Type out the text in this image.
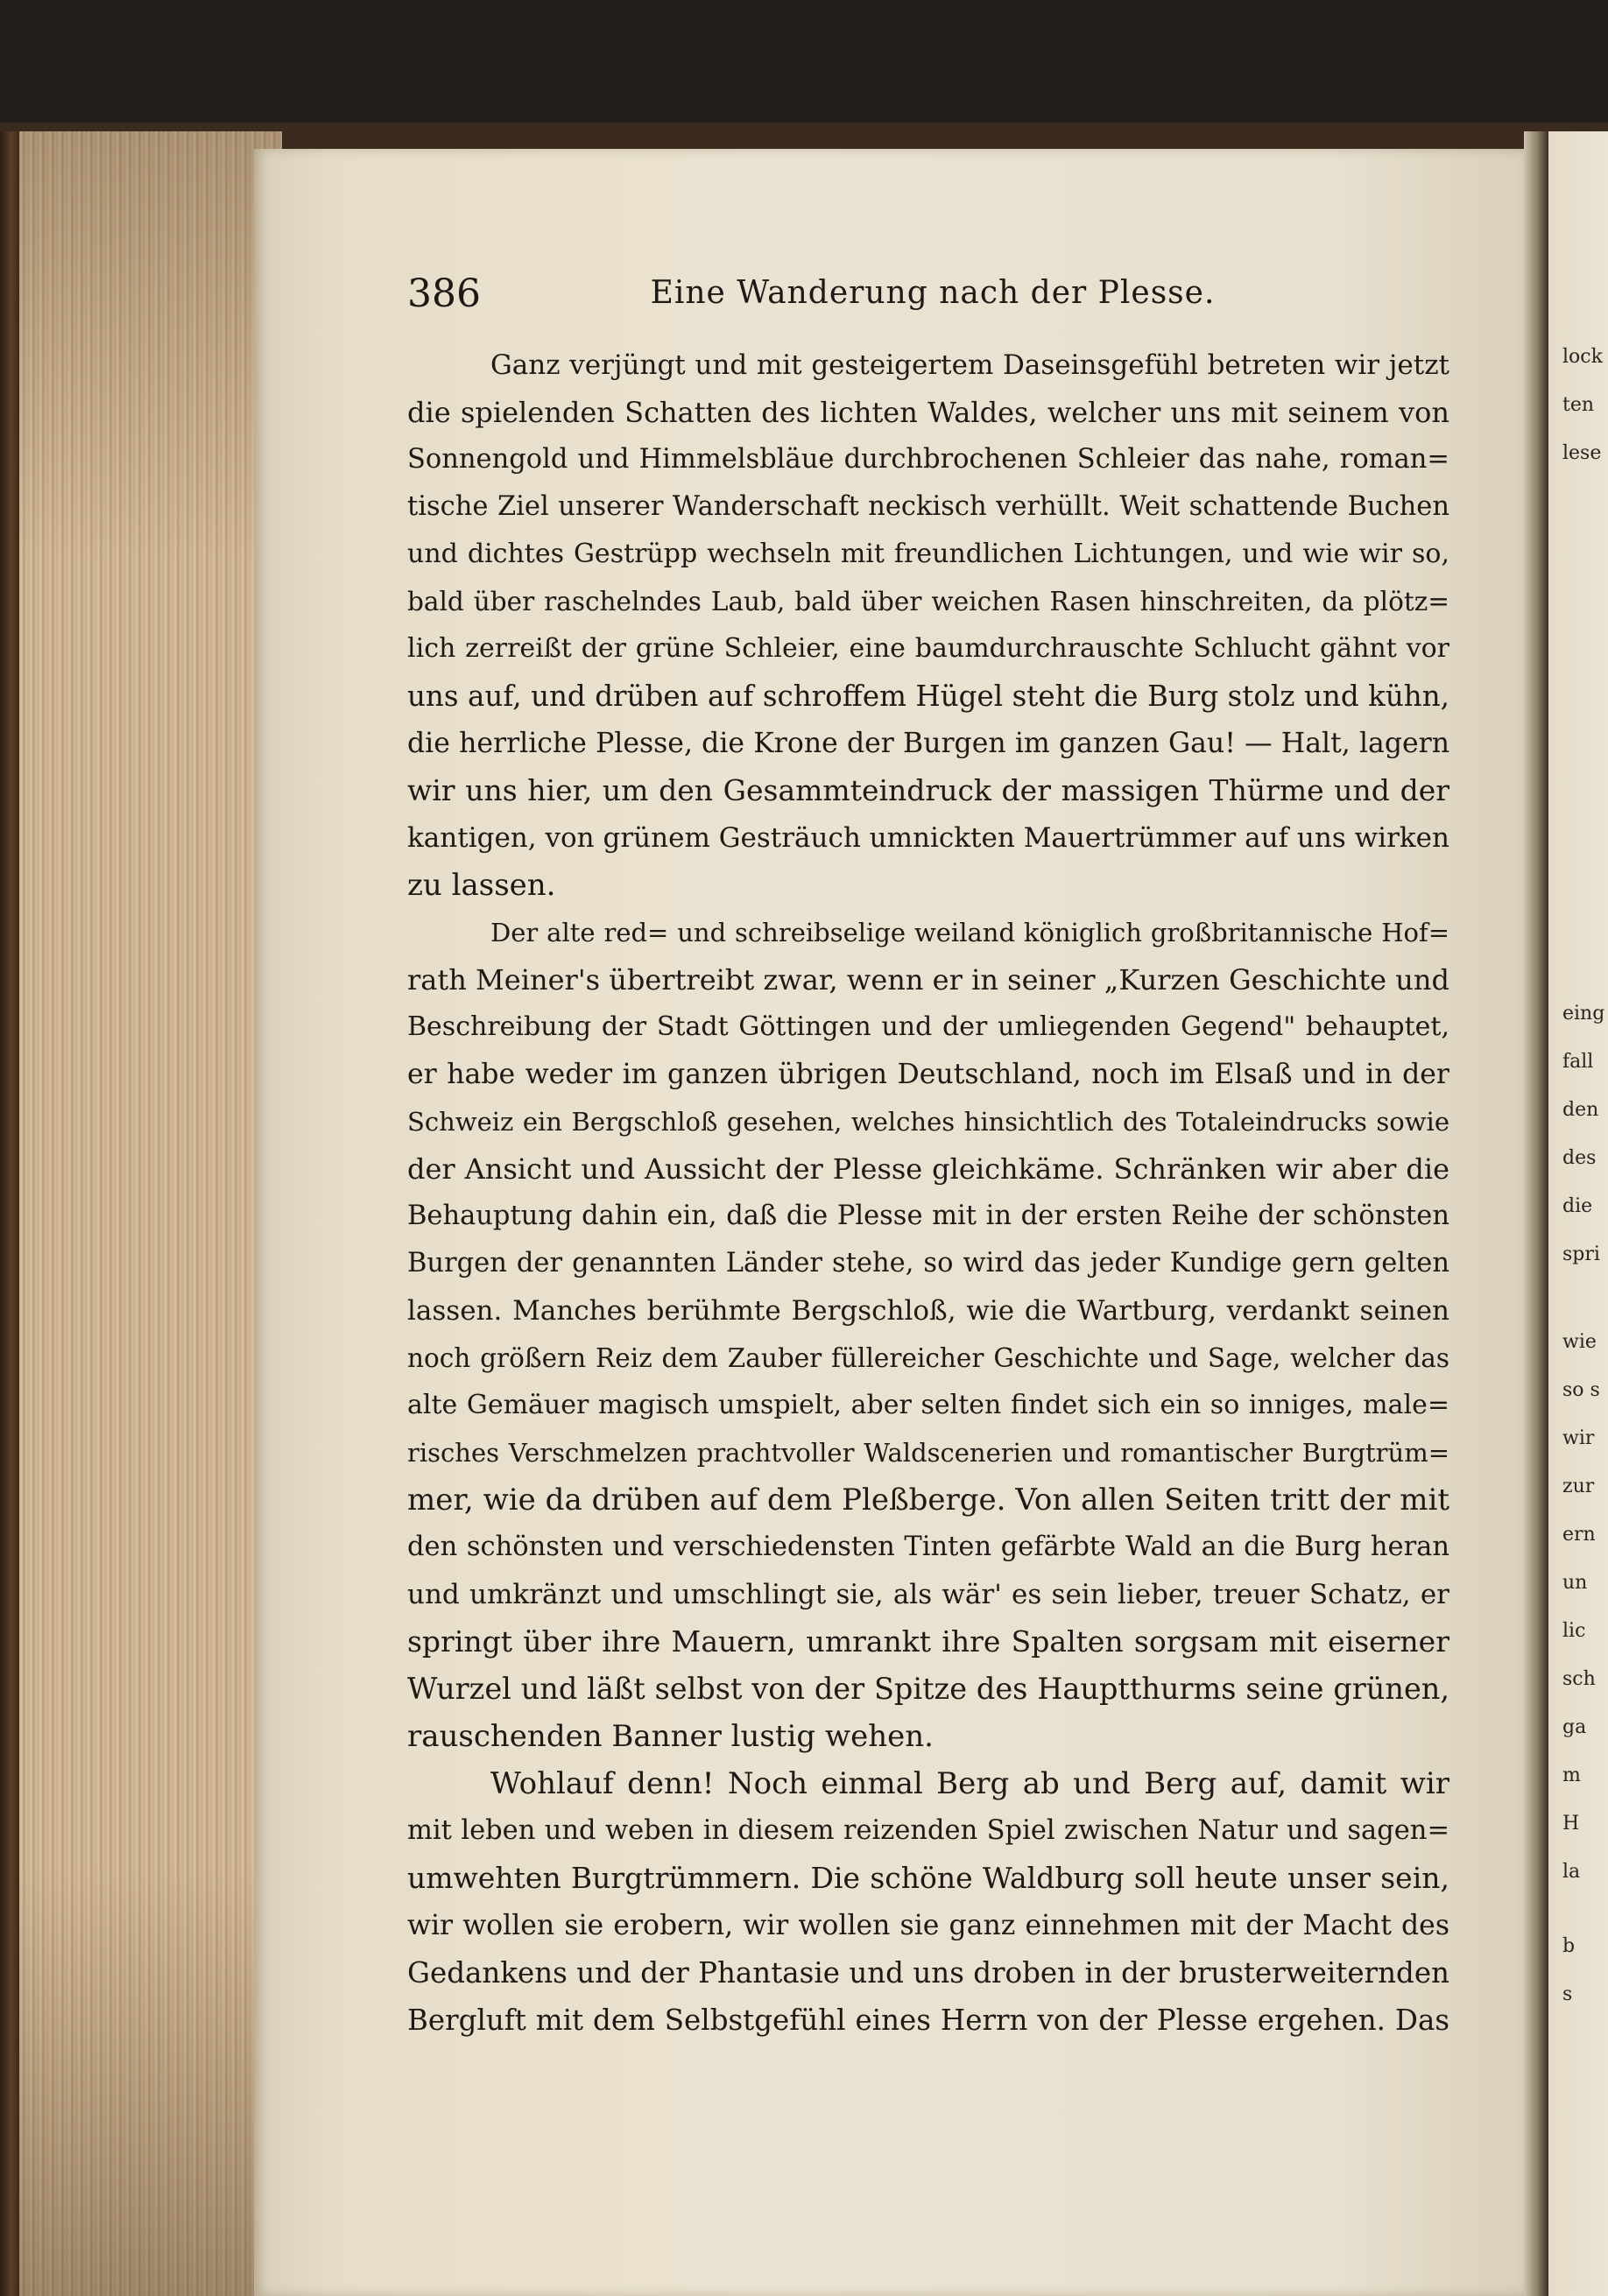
386	Eine Wanderung nach der Plesse.
Ganz verjüngt und mit gesteigertem Daseinsgefühl betreten wir jetzt
die spielenden Schatten des lichten Waldes, welcher uns mit seinem von
Sonnengold und Himmelsbläue durchbrochenen Schleier das nahe, roman=
tische Ziel unserer Wanderschaft neckisch verhüllt. Weit schattende Buchen
und dichtes Gestrüpp wechseln mit freundlichen Lichtungen, und wie wir so,
bald über raschelndes Laub, bald über weichen Rasen hinschreiten, da plötz=
lich zerreißt der grüne Schleier, eine baumdurchrauschte Schlucht gähnt vor
uns auf, und drüben auf schroffem Hügel steht die Burg stolz und kühn,
die herrliche Plesse, die Krone der Burgen im ganzen Gau! — Halt, lagern
wir uns hier, um den Gesammteindruck der massigen Thürme und der
kantigen, von grünem Gesträuch umnickten Mauertrümmer auf uns wirken
zu lassen.
Der alte red= und schreibselige weiland königlich großbritannische Hof=
rath Meiner's übertreibt zwar, wenn er in seiner „Kurzen Geschichte und
Beschreibung der Stadt Göttingen und der umliegenden Gegend" behauptet,
er habe weder im ganzen übrigen Deutschland, noch im Elsaß und in der
Schweiz ein Bergschloß gesehen, welches hinsichtlich des Totaleindrucks sowie
der Ansicht und Aussicht der Plesse gleichkäme. Schränken wir aber die
Behauptung dahin ein, daß die Plesse mit in der ersten Reihe der schönsten
Burgen der genannten Länder stehe, so wird das jeder Kundige gern gelten
lassen. Manches berühmte Bergschloß, wie die Wartburg, verdankt seinen
noch größern Reiz dem Zauber füllereicher Geschichte und Sage, welcher das
alte Gemäuer magisch umspielt, aber selten findet sich ein so inniges, male=
risches Verschmelzen prachtvoller Waldscenerien und romantischer Burgtrüm=
mer, wie da drüben auf dem Pleßberge. Von allen Seiten tritt der mit
den schönsten und verschiedensten Tinten gefärbte Wald an die Burg heran
und umkränzt und umschlingt sie, als wär' es sein lieber, treuer Schatz, er
springt über ihre Mauern, umrankt ihre Spalten sorgsam mit eiserner
Wurzel und läßt selbst von der Spitze des Hauptthurms seine grünen,
rauschenden Banner lustig wehen.
Wohlauf denn! Noch einmal Berg ab und Berg auf, damit wir
mit leben und weben in diesem reizenden Spiel zwischen Natur und sagen=
umwehten Burgtrümmern. Die schöne Waldburg soll heute unser sein,
wir wollen sie erobern, wir wollen sie ganz einnehmen mit der Macht des
Gedankens und der Phantasie und uns droben in der brusterweiternden
Bergluft mit dem Selbstgefühl eines Herrn von der Plesse ergehen. Das
lock
ten
lese
eing
fall
den
des
die
spri
wie
so s
wir
zur
ern
un
lic
sch
ga
m
H
la
b
s
